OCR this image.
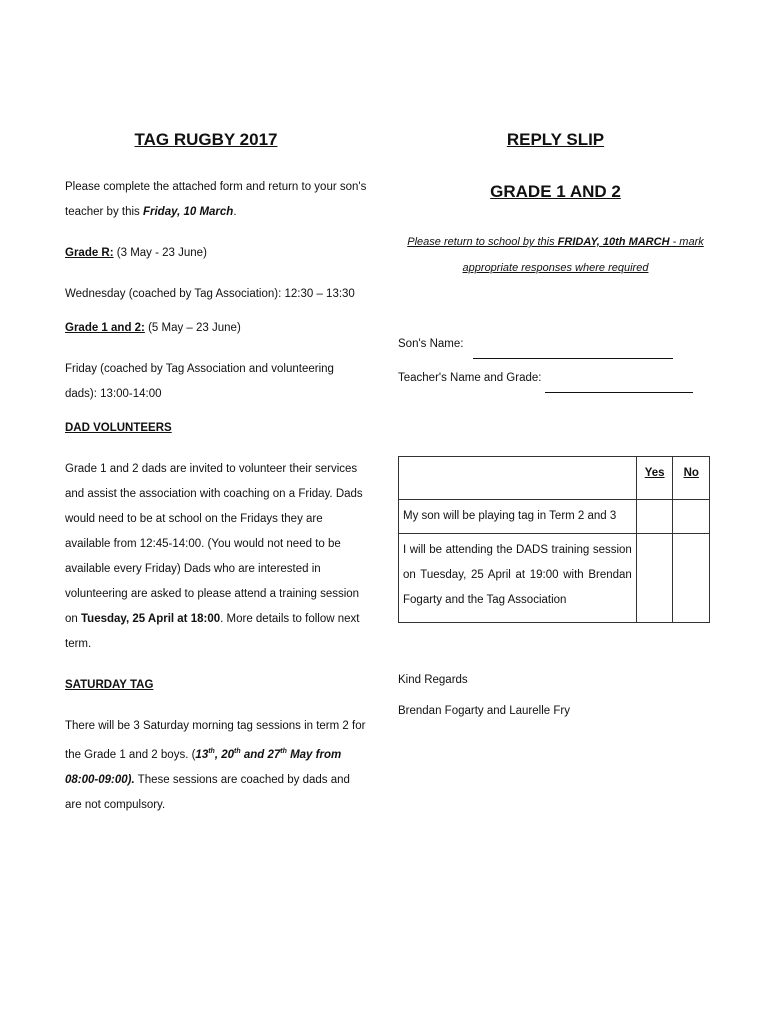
TAG RUGBY 2017

Please complete the attached form and return to your son's teacher by this Friday, 10 March.

Grade R: (3 May - 23 June)

Wednesday (coached by Tag Association): 12:30 – 13:30

Grade 1 and 2: (5 May – 23 June)

Friday (coached by Tag Association and volunteering dads): 13:00-14:00

DAD VOLUNTEERS

Grade 1 and 2 dads are invited to volunteer their services and assist the association with coaching on a Friday. Dads would need to be at school on the Fridays they are available from 12:45-14:00. (You would not need to be available every Friday) Dads who are interested in volunteering are asked to please attend a training session on Tuesday, 25 April at 18:00. More details to follow next term.

SATURDAY TAG

There will be 3 Saturday morning tag sessions in term 2 for the Grade 1 and 2 boys. (13th, 20th and 27th May from 08:00-09:00). These sessions are coached by dads and are not compulsory.

REPLY SLIP
GRADE 1 AND 2

Please return to school by this FRIDAY, 10th MARCH - mark appropriate responses where required

Son's Name:

Teacher's Name and Grade:

	Yes	No
My son will be playing tag in Term 2 and 3		
I will be attending the DADS training session on Tuesday, 25 April at 19:00 with Brendan Fogarty and the Tag Association		

Kind Regards

Brendan Fogarty and Laurelle Fry
